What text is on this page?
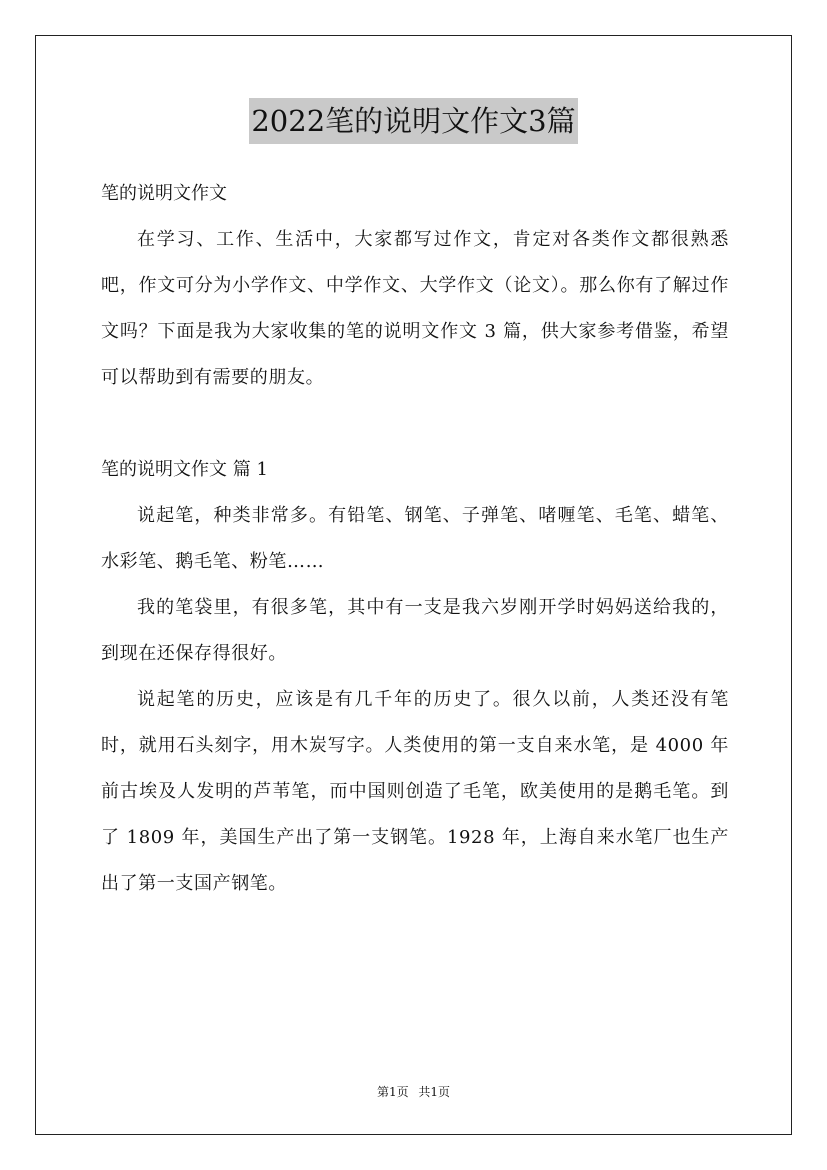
2022笔的说明文作文3篇

笔的说明文作文

在学习、工作、生活中，大家都写过作文，肯定对各类作文都很熟悉吧，作文可分为小学作文、中学作文、大学作文（论文）。那么你有了解过作文吗？下面是我为大家收集的笔的说明文作文 3 篇，供大家参考借鉴，希望可以帮助到有需要的朋友。

笔的说明文作文 篇 1

说起笔，种类非常多。有铅笔、钢笔、子弹笔、啫喱笔、毛笔、蜡笔、水彩笔、鹅毛笔、粉笔……

我的笔袋里，有很多笔，其中有一支是我六岁刚开学时妈妈送给我的，到现在还保存得很好。

说起笔的历史，应该是有几千年的历史了。很久以前，人类还没有笔时，就用石头刻字，用木炭写字。人类使用的第一支自来水笔，是 4000 年前古埃及人发明的芦苇笔，而中国则创造了毛笔，欧美使用的是鹅毛笔。到了 1809 年，美国生产出了第一支钢笔。1928 年，上海自来水笔厂也生产出了第一支国产钢笔。

第1页 共1页
